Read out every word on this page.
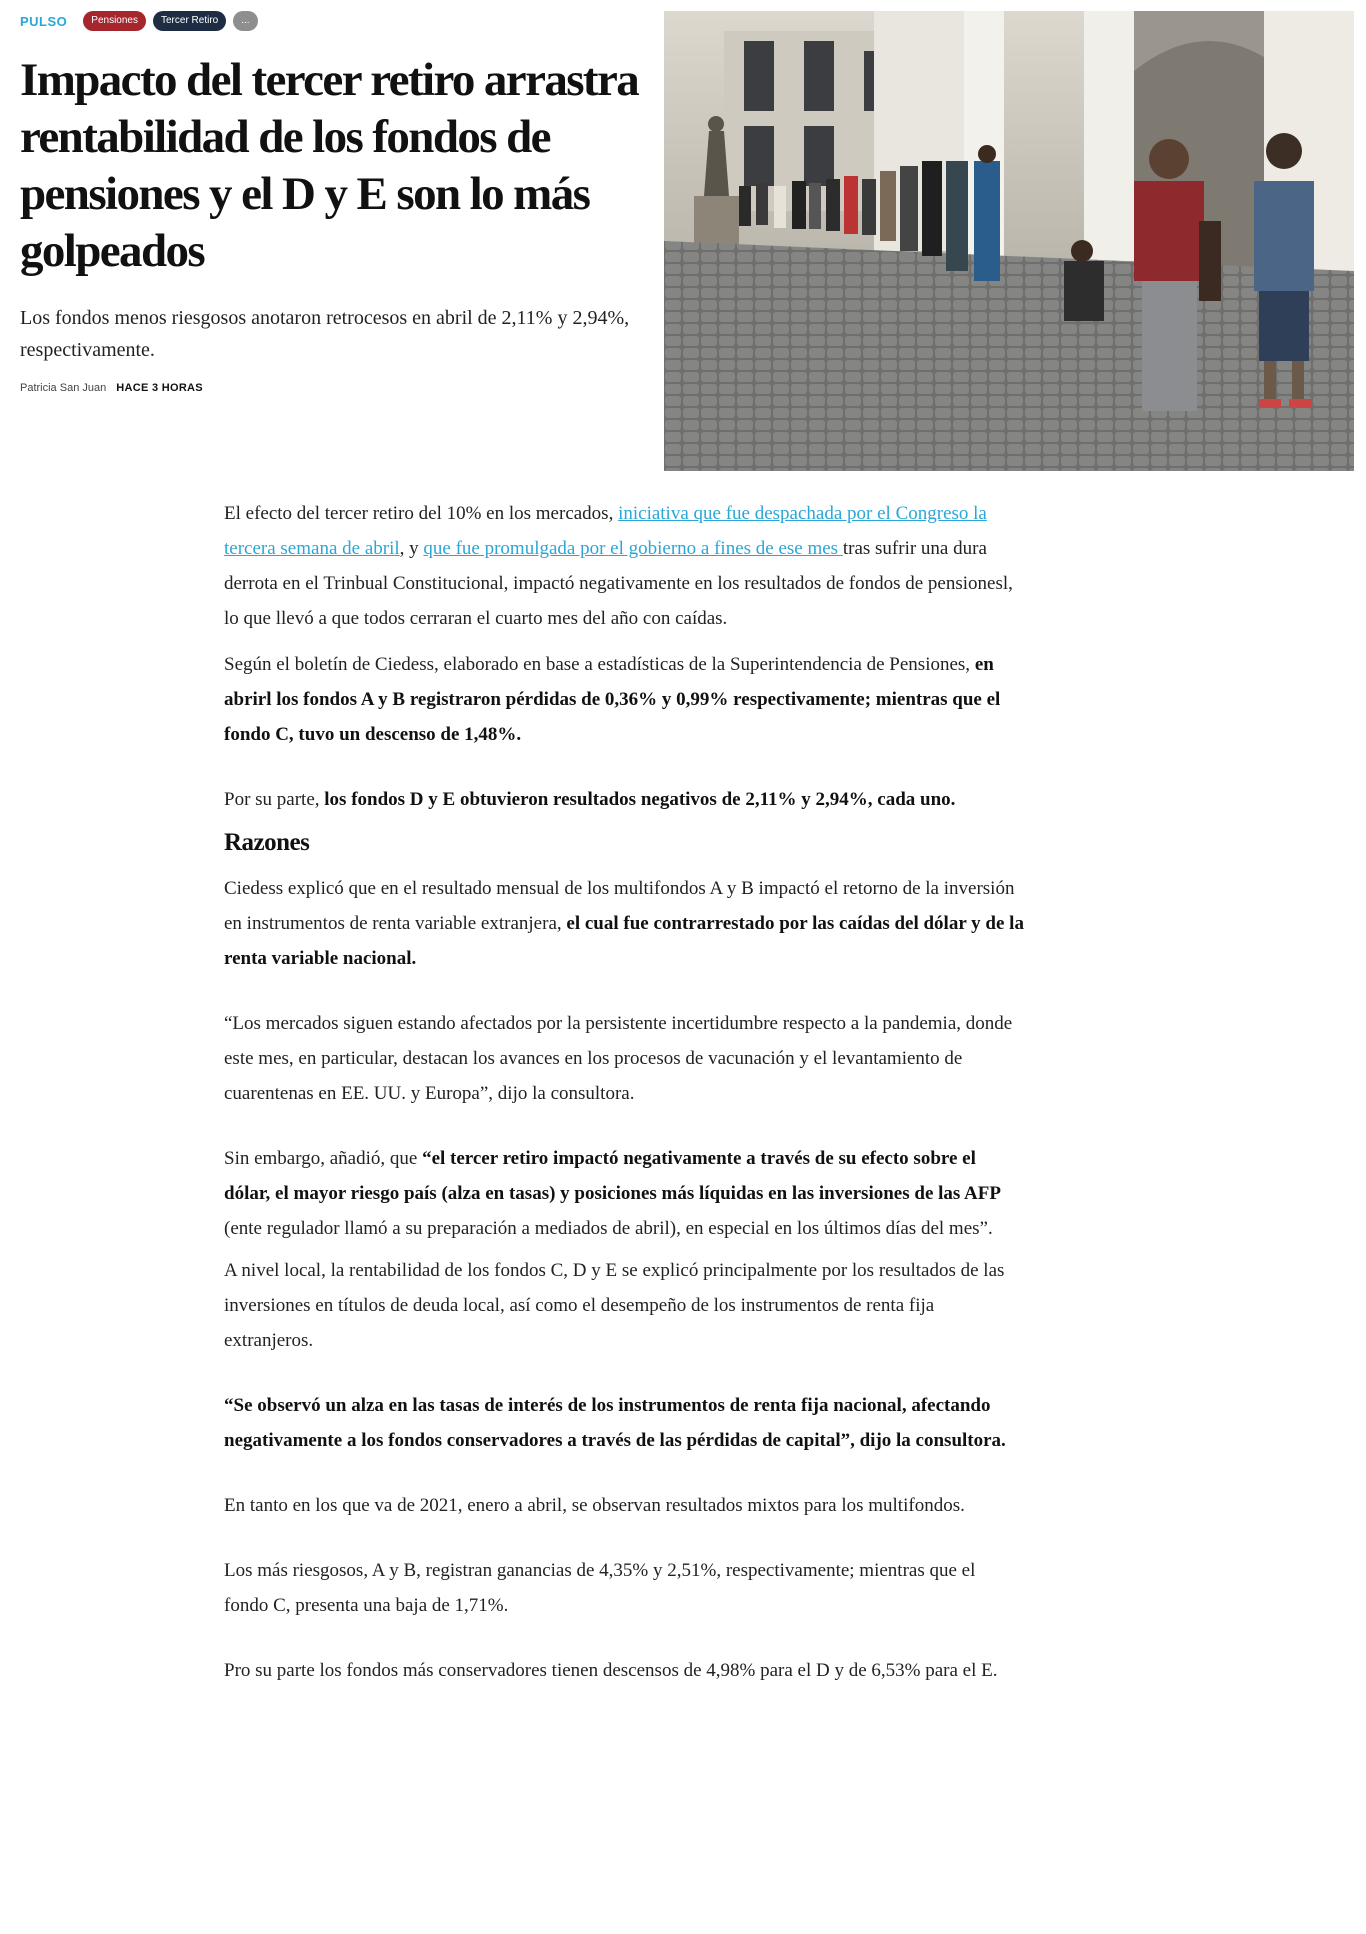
PULSO	Pensiones	Tercer Retiro	...
Impacto del tercer retiro arrastra rentabilidad de los fondos de pensiones y el D y E son lo más golpeados
Los fondos menos riesgosos anotaron retrocesos en abril de 2,11% y 2,94%, respectivamente.
Patricia San Juan HACE 3 HORAS

El efecto del tercer retiro del 10% en los mercados, iniciativa que fue despachada por el Congreso la tercera semana de abril, y que fue promulgada por el gobierno a fines de ese mes tras sufrir una dura derrota en el Trinbual Constitucional, impactó negativamente en los resultados de fondos de pensionesl, lo que llevó a que todos cerraran el cuarto mes del año con caídas.

Según el boletín de Ciedess, elaborado en base a estadísticas de la Superintendencia de Pensiones, en abrirl los fondos A y B registraron pérdidas de 0,36% y 0,99% respectivamente; mientras que el fondo C, tuvo un descenso de 1,48%.

Por su parte, los fondos D y E obtuvieron resultados negativos de 2,11% y 2,94%, cada uno.

Razones

Ciedess explicó que en el resultado mensual de los multifondos A y B impactó el retorno de la inversión en instrumentos de renta variable extranjera, el cual fue contrarrestado por las caídas del dólar y de la renta variable nacional.

“Los mercados siguen estando afectados por la persistente incertidumbre respecto a la pandemia, donde este mes, en particular, destacan los avances en los procesos de vacunación y el levantamiento de cuarentenas en EE. UU. y Europa”, dijo la consultora.

Sin embargo, añadió, que “el tercer retiro impactó negativamente a través de su efecto sobre el dólar, el mayor riesgo país (alza en tasas) y posiciones más líquidas en las inversiones de las AFP (ente regulador llamó a su preparación a mediados de abril), en especial en los últimos días del mes”.

A nivel local, la rentabilidad de los fondos C, D y E se explicó principalmente por los resultados de las inversiones en títulos de deuda local, así como el desempeño de los instrumentos de renta fija extranjeros.

“Se observó un alza en las tasas de interés de los instrumentos de renta fija nacional, afectando negativamente a los fondos conservadores a través de las pérdidas de capital”, dijo la consultora.

En tanto en los que va de 2021, enero a abril, se observan resultados mixtos para los multifondos.

Los más riesgosos, A y B, registran ganancias de 4,35% y 2,51%, respectivamente; mientras que el fondo C, presenta una baja de 1,71%.

Pro su parte los fondos más conservadores tienen descensos de 4,98% para el D y de 6,53% para el E.
